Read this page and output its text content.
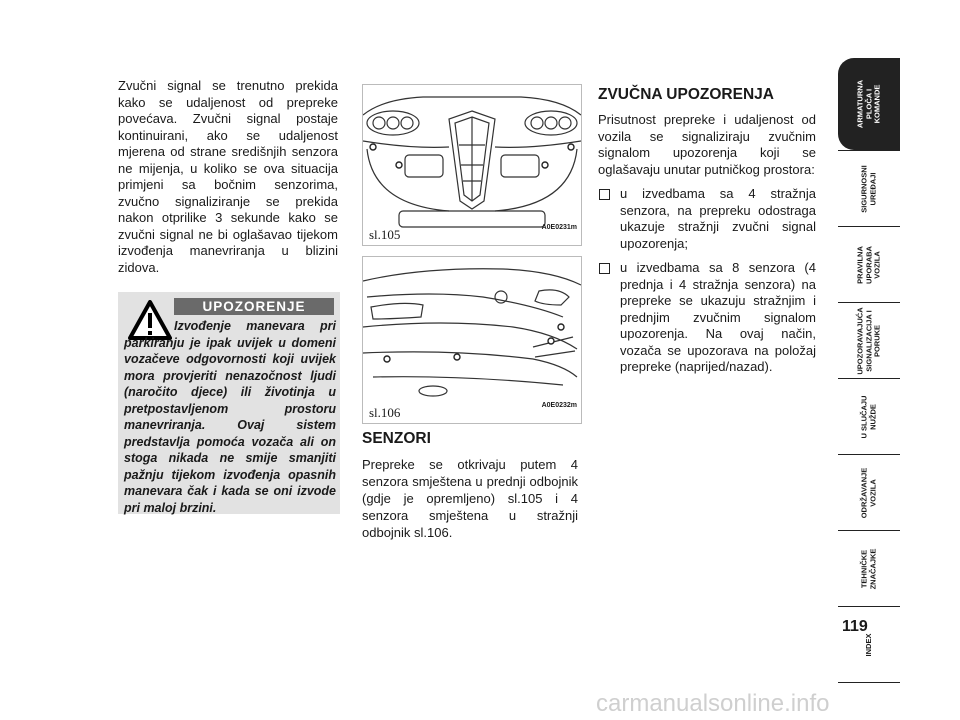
Zvučni signal se trenutno prekida kako se udaljenost od prepreke povećava. Zvučni signal postaje kontinuirani, ako se udaljenost mjerena od strane središnjih senzora ne mijenja, u koliko se ova situacija primjeni sa bočnim senzorima, zvučno signaliziranje se prekida nakon otprilike 3 sekunde kako se zvučni signal ne bi oglašavao tijekom izvođenja manevriranja u blizini zidova.

UPOZORENJE

Izvođenje manevara pri parkiranju je ipak uvijek u domeni vozačeve odgovornosti koji uvijek mora provjeriti nenazočnost ljudi (naročito djece) ili životinja u pretpostavljenom prostoru manevriranja. Ovaj sistem predstavlja pomoća vozača ali on stoga nikada ne smije smanjiti pažnju tijekom izvođenja opasnih manevara čak i kada se oni izvode pri maloj brzini.

A0E0231m
sl.105
A0E0232m
sl.106
SENZORI

Prepreke se otkrivaju putem 4 senzora smještena u prednji odbojnik (gdje je opremljeno) sl.105 i 4 senzora smještena u stražnji odbojnik sl.106.

ZVUČNA UPOZORENJA

Prisutnost prepreke i udaljenost od vozila se signaliziraju zvučnim signalom upozorenja koji se oglašavaju unutar putničkog prostora:

u izvedbama sa 4 stražnja senzora, na prepreku odostraga ukazuje stražnji zvučni signal upozorenja;
u izvedbama sa 8 senzora (4 prednja i 4 stražnja senzora) na prepreke se ukazuju stražnjim i prednjim zvučnim signalom upozorenja. Na ovaj način, vozača se upozorava na položaj prepreke (naprijed/nazad).
ARMATURNA
PLOČA I
KOMANDE
SIGURNOSNI
UREĐAJI
PRAVILNA
UPORABA
VOZILA
UPOZORAVAJUĆA
SIGNALIZACIJA I
PORUKE
U SLUČAJU
NUŽDE
ODRŽAVANJE
VOZILA
TEHNIČKE
ZNAČAJKE
INDEX
119
carmanualsonline.info
